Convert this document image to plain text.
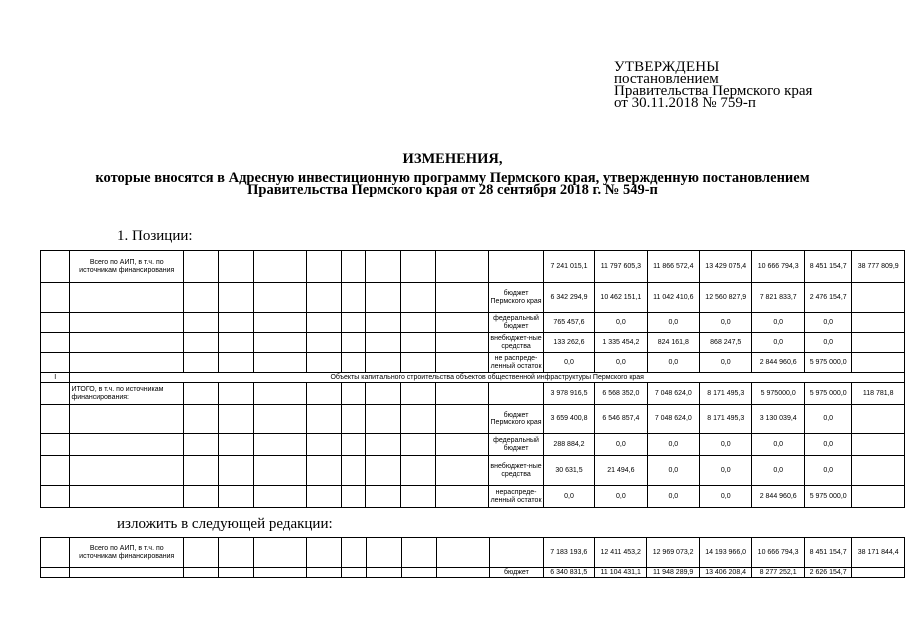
УТВЕРЖДЕНЫ
постановлением
Правительства Пермского края
от 30.11.2018 № 759-п
ИЗМЕНЕНИЯ,
которые вносятся в Адресную инвестиционную программу Пермского края, утвержденную постановлением
Правительства Пермского края от 28 сентября 2018 г. № 549-п
1. Позиции:
	Всего по АИП, в т.ч. по источникам финансирования										7 241 015,1	11 797 605,3	11 866 572,4	13 429 075,4	10 666 794,3	8 451 154,7	38 777 809,9
										бюджет Пермского края	6 342 294,9	10 462 151,1	11 042 410,6	12 560 827,9	7 821 833,7	2 476 154,7	
										федеральный бюджет	765 457,6	0,0	0,0	0,0	0,0	0,0	
										внебюджет-ные средства	133 262,6	1 335 454,2	824 161,8	868 247,5	0,0	0,0	
										не распреде-ленный остаток	0,0	0,0	0,0	0,0	2 844 960,6	5 975 000,0	
I	Объекты капитального строительства объектов общественной инфраструктуры Пермского края																
	ИТОГО, в т.ч. по источникам финансирования:										3 978 916,5	6 568 352,0	7 048 624,0	8 171 495,3	5 975000,0	5 975 000,0	118 781,8
										бюджет Пермского края	3 659 400,8	6 546 857,4	7 048 624,0	8 171 495,3	3 130 039,4	0,0	
										федеральный бюджет	288 884,2	0,0	0,0	0,0	0,0	0,0	
										внебюджет-ные средства	30 631,5	21 494,6	0,0	0,0	0,0	0,0	
										нераспреде-ленный остаток	0,0	0,0	0,0	0,0	2 844 960,6	5 975 000,0	
изложить в следующей редакции:
	Всего по АИП, в т.ч. по источникам финансирования										7 183 193,6	12 411 453,2	12 969 073,2	14 193 966,0	10 666 794,3	8 451 154,7	38 171 844,4
										бюджет	6 340 831,5	11 104 431,1	11 948 289,9	13 406 208,4	8 277 252,1	2 626 154,7	
